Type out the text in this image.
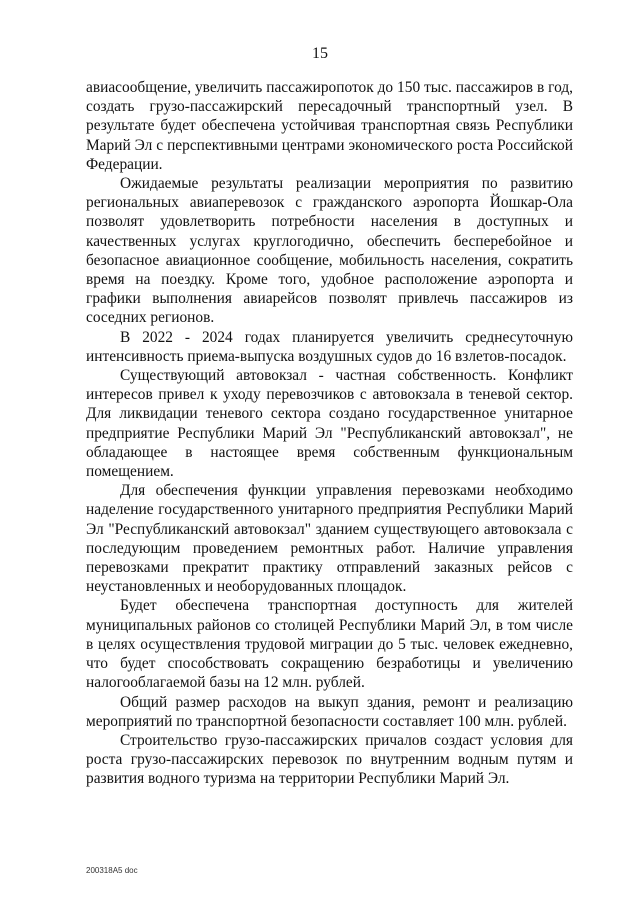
15

авиасообщение, увеличить пассажиропоток до 150 тыс. пассажиров в год, создать грузо-пассажирский пересадочный транспортный узел. В результате будет обеспечена устойчивая транспортная связь Республики Марий Эл с перспективными центрами экономического роста Российской Федерации.

Ожидаемые результаты реализации мероприятия по развитию региональных авиаперевозок с гражданского аэропорта Йошкар-Ола позволят удовлетворить потребности населения в доступных и качественных услугах круглогодично, обеспечить бесперебойное и безопасное авиационное сообщение, мобильность населения, сократить время на поездку. Кроме того, удобное расположение аэропорта и графики выполнения авиарейсов позволят привлечь пассажиров из соседних регионов.

В 2022 - 2024 годах планируется увеличить среднесуточную интенсивность приема-выпуска воздушных судов до 16 взлетов-посадок.

Существующий автовокзал - частная собственность. Конфликт интересов привел к уходу перевозчиков с автовокзала в теневой сектор. Для ликвидации теневого сектора создано государственное унитарное предприятие Республики Марий Эл "Республиканский автовокзал", не обладающее в настоящее время собственным функциональным помещением.

Для обеспечения функции управления перевозками необходимо наделение государственного унитарного предприятия Республики Марий Эл "Республиканский автовокзал" зданием существующего автовокзала с последующим проведением ремонтных работ. Наличие управления перевозками прекратит практику отправлений заказных рейсов с неустановленных и необорудованных площадок.

Будет обеспечена транспортная доступность для жителей муниципальных районов со столицей Республики Марий Эл, в том числе в целях осуществления трудовой миграции до 5 тыс. человек ежедневно, что будет способствовать сокращению безработицы и увеличению налогооблагаемой базы на 12 млн. рублей.

Общий размер расходов на выкуп здания, ремонт и реализацию мероприятий по транспортной безопасности составляет 100 млн. рублей.

Строительство грузо-пассажирских причалов создаст условия для роста грузо-пассажирских перевозок по внутренним водным путям и развития водного туризма на территории Республики Марий Эл.

200318A5 doc
